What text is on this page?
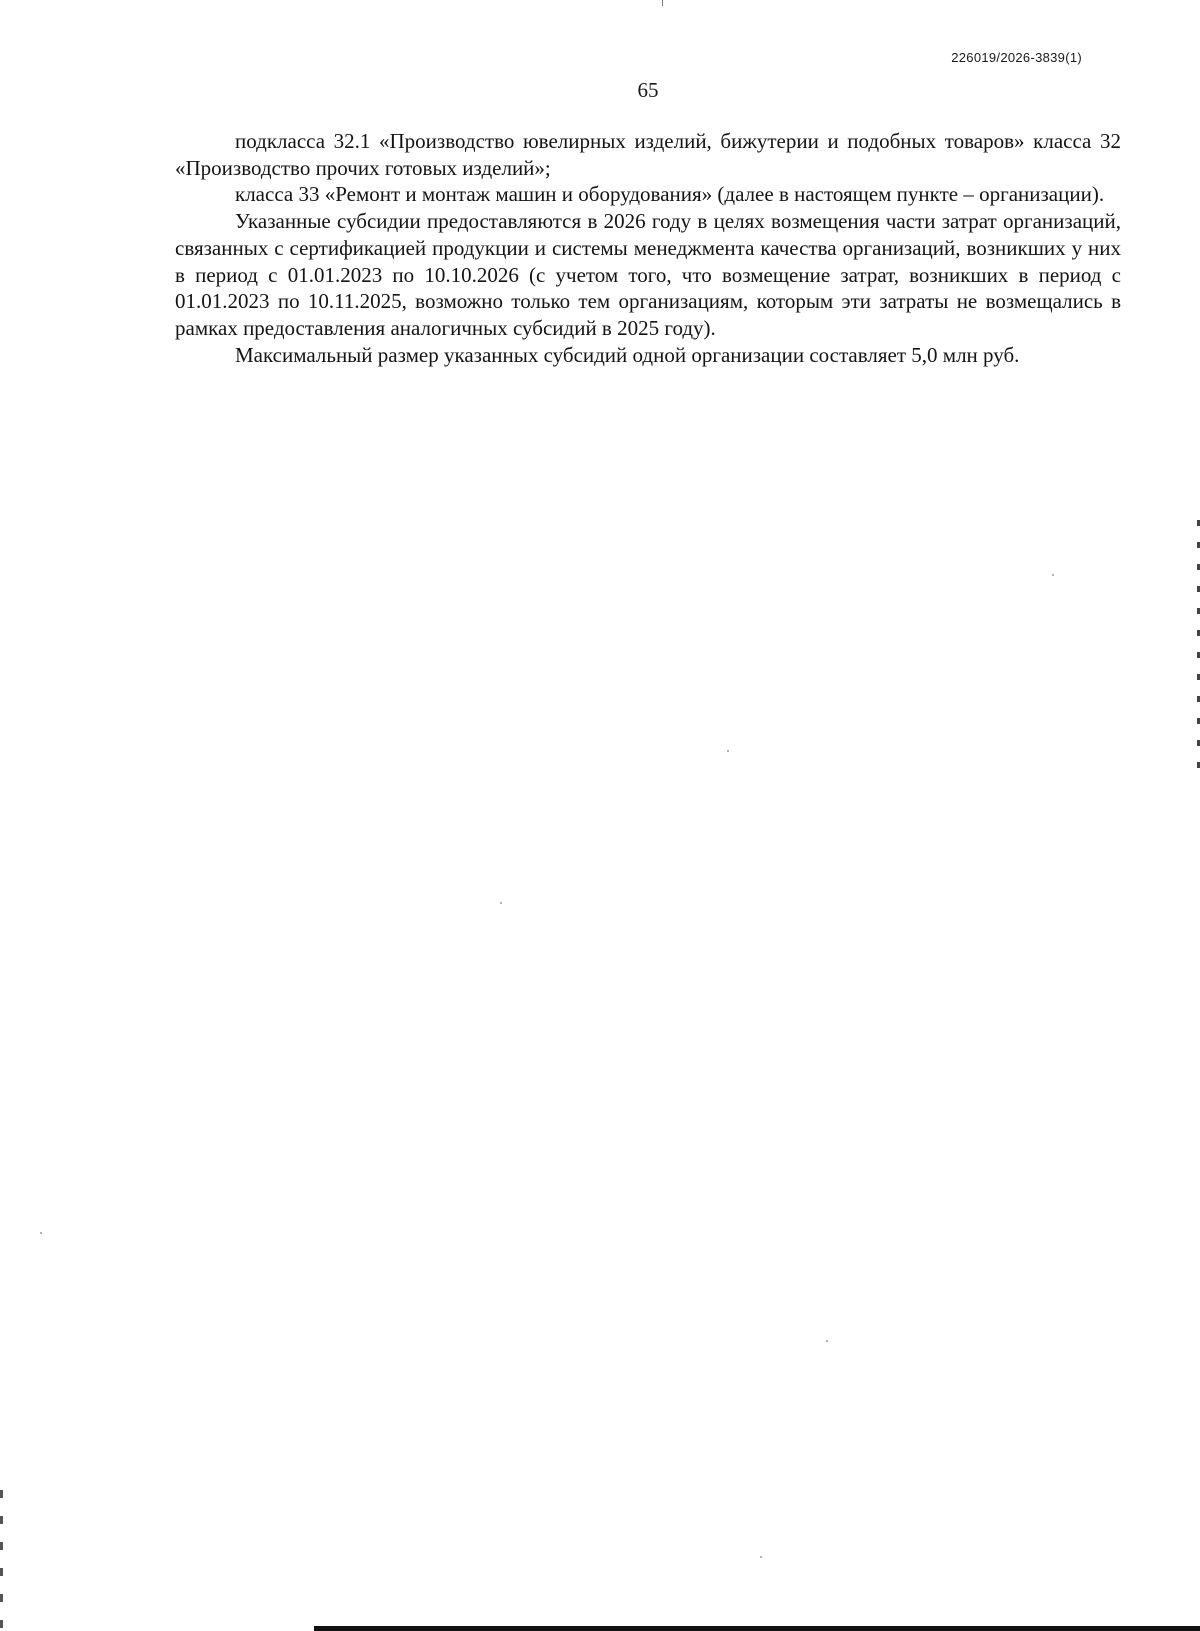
226019/2026-3839(1)
65

подкласса 32.1 «Производство ювелирных изделий, бижутерии и подобных товаров» класса 32 «Производство прочих готовых изделий»;

класса 33 «Ремонт и монтаж машин и оборудования» (далее в настоящем пункте – организации).

Указанные субсидии предоставляются в 2026 году в целях возмещения части затрат организаций, связанных с сертификацией продукции и системы менеджмента качества организаций, возникших у них в период с 01.01.2023 по 10.10.2026 (с учетом того, что возмещение затрат, возникших в период с 01.01.2023 по 10.11.2025, возможно только тем организациям, которым эти затраты не возмещались в рамках предоставления аналогичных субсидий в 2025 году).

Максимальный размер указанных субсидий одной организации составляет 5,0 млн руб.
